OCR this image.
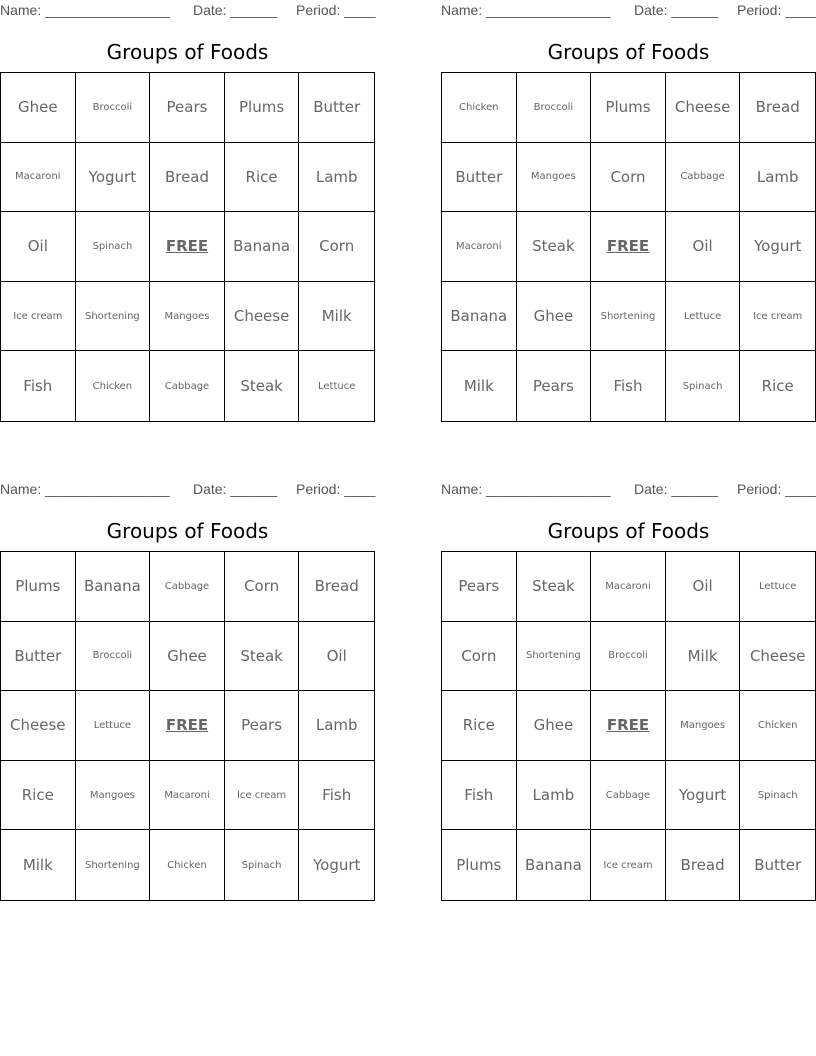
Name: ________________ Date: ______ Period: ____
Groups of Foods
Ghee	Broccoli	Pears	Plums	Butter
Macaroni	Yogurt	Bread	Rice	Lamb
Oil	Spinach	FREE	Banana	Corn
Ice cream	Shortening	Mangoes	Cheese	Milk
Fish	Chicken	Cabbage	Steak	Lettuce
Name: ________________ Date: ______ Period: ____
Groups of Foods
Chicken	Broccoli	Plums	Cheese	Bread
Butter	Mangoes	Corn	Cabbage	Lamb
Macaroni	Steak	FREE	Oil	Yogurt
Banana	Ghee	Shortening	Lettuce	Ice cream
Milk	Pears	Fish	Spinach	Rice
Name: ________________ Date: ______ Period: ____
Groups of Foods
Plums	Banana	Cabbage	Corn	Bread
Butter	Broccoli	Ghee	Steak	Oil
Cheese	Lettuce	FREE	Pears	Lamb
Rice	Mangoes	Macaroni	Ice cream	Fish
Milk	Shortening	Chicken	Spinach	Yogurt
Name: ________________ Date: ______ Period: ____
Groups of Foods
Pears	Steak	Macaroni	Oil	Lettuce
Corn	Shortening	Broccoli	Milk	Cheese
Rice	Ghee	FREE	Mangoes	Chicken
Fish	Lamb	Cabbage	Yogurt	Spinach
Plums	Banana	Ice cream	Bread	Butter
